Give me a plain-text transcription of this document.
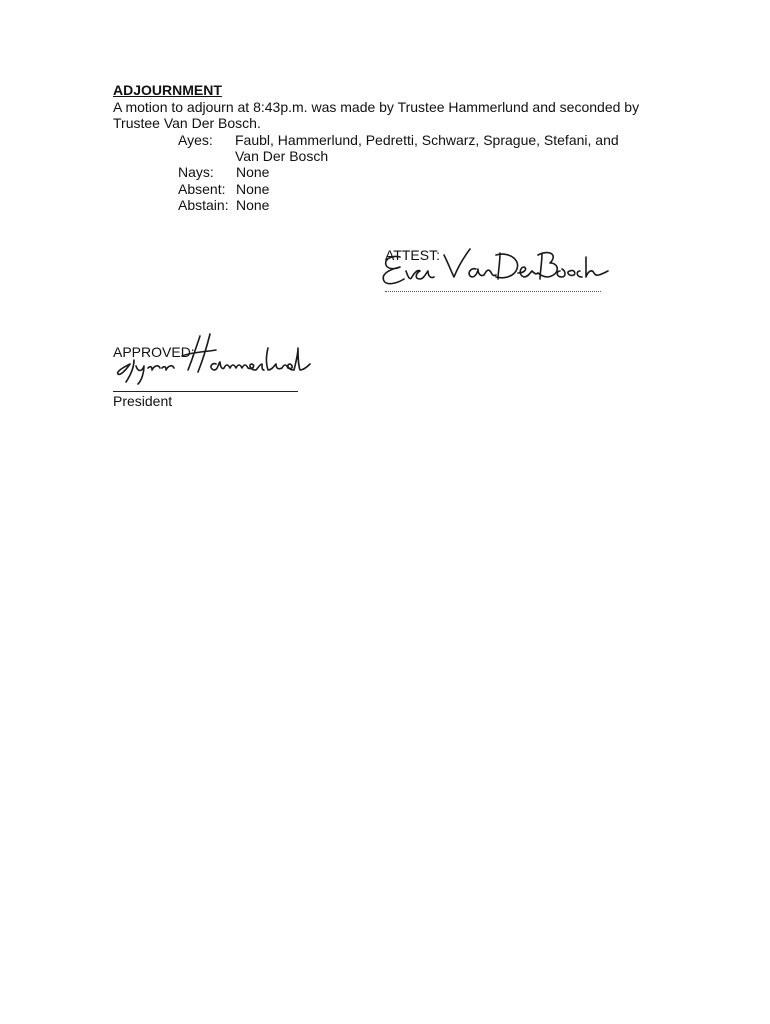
ADJOURNMENT
A motion to adjourn at 8:43p.m. was made by Trustee Hammerlund and seconded by
Trustee Van Der Bosch.
Ayes: Faubl, Hammerlund, Pedretti, Schwarz, Sprague, Stefani, and
Van Der Bosch
Nays: None
Absent: None
Abstain: None
ATTEST:
APPROVED:
President
